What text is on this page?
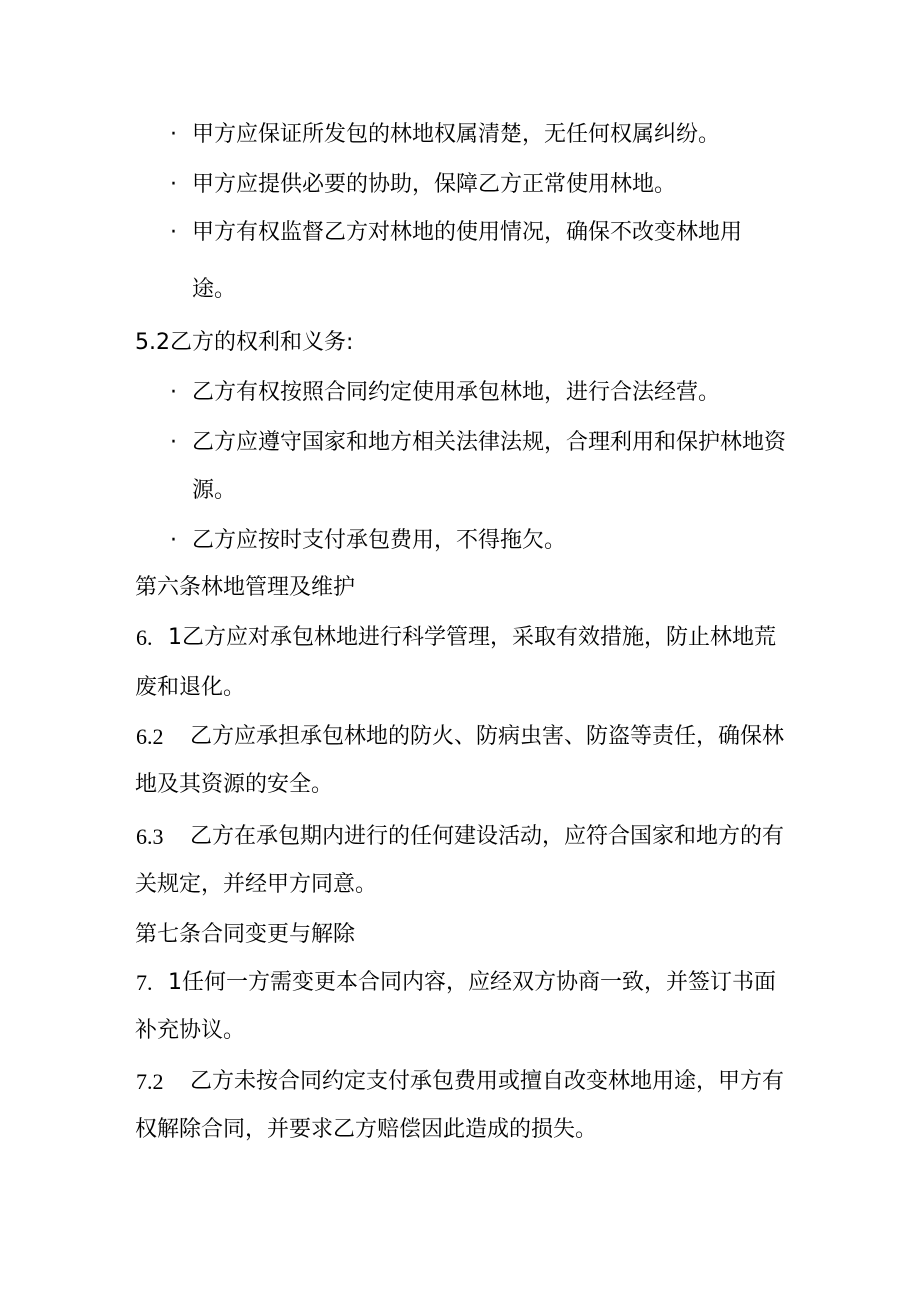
· 甲方应保证所发包的林地权属清楚，无任何权属纠纷。

· 甲方应提供必要的协助，保障乙方正常使用林地。

· 甲方有权监督乙方对林地的使用情况，确保不改变林地用

途。

5.2乙方的权利和义务:

· 乙方有权按照合同约定使用承包林地，进行合法经营。

· 乙方应遵守国家和地方相关法律法规，合理利用和保护林地资

源。

· 乙方应按时支付承包费用，不得拖欠。

第六条林地管理及维护

6. 1乙方应对承包林地进行科学管理，采取有效措施，防止林地荒

废和退化。

6.2 乙方应承担承包林地的防火、防病虫害、防盗等责任，确保林

地及其资源的安全。

6.3 乙方在承包期内进行的任何建设活动，应符合国家和地方的有

关规定，并经甲方同意。

第七条合同变更与解除

7. 1任何一方需变更本合同内容，应经双方协商一致，并签订书面

补充协议。

7.2 乙方未按合同约定支付承包费用或擅自改变林地用途，甲方有

权解除合同，并要求乙方赔偿因此造成的损失。
